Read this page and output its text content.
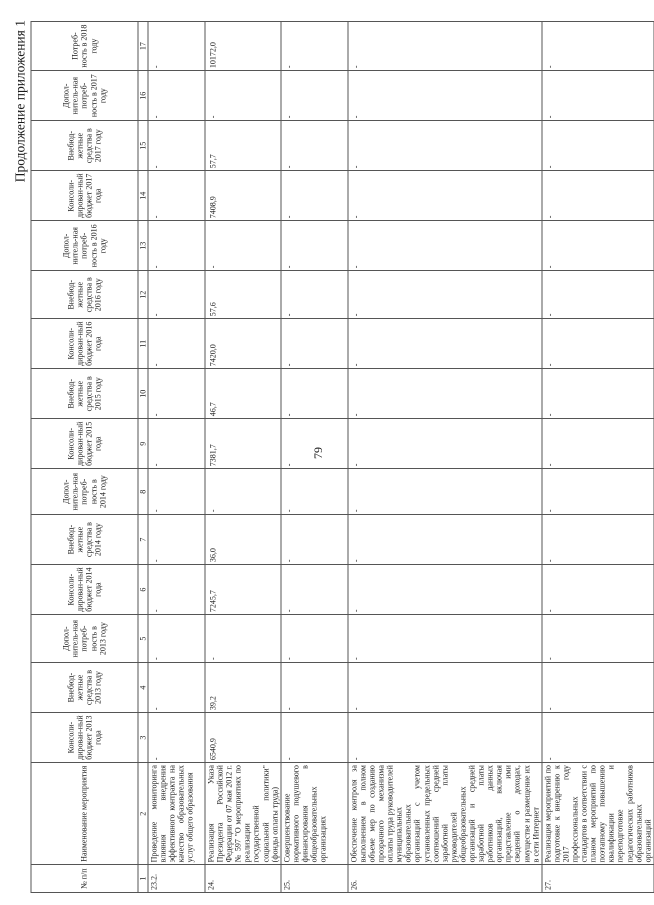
79
Продолжение приложения 1
№ п/п	Наименование мероприятия	Консоли-дирован-ный бюджет 2013 года	Внебюд-жетные средства в 2013 году	Допол-нитель-ная потреб-ность в 2013 году	Консоли-дирован-ный бюджет 2014 года	Внебюд-жетные средства в 2014 году	Допол-нитель-ная потреб-ность в 2014 году	Консоли-дирован-ный бюджет 2015 года	Внебюд-жетные средства в 2015 году	Консоли-дирован-ный бюджет 2016 года	Внебюд-жетные средства в 2016 году	Допол-нитель-ная потреб-ность в 2016 году	Консоли-дирован-ный бюджет 2017 года	Внебюд-жетные средства в 2017 году	Допол-нитель-ная потреб-ность в 2017 году	Потреб-ность в 2018 году
1	2	3	4	5	6	7	8	9	10	11	12	13	14	15	16	17
23.2.	Проведение мониторинга влияния внедрения эффективного контракта на качество образовательных услуг общего образования	-	-	-	-	-	-	-	-	-	-	-	-	-	-	-
24.	Реализация Указа Президента Российской Федерации от 07 мая 2012 г. № 597 "О мероприятиях по реализации государственной социальной политики" (фонды оплаты труда)	6540,9	39,2	-	7245,7	36,0	-	7381,7	46,7	7420,0	57,6	-	7408,9	57,7	-	10172,0
25.	Совершенствование нормативного подушевого финансирования в общеобразовательных организациях	-	-	-	-	-	-	-	-	-	-	-	-	-	-	-
26.	Обеспечение контроля за выполнением в полном объеме мер по созданию прозрачного механизма оплаты труда руководителей муниципальных образовательных организаций с учетом установленных предельных соотношений средней заработной платы руководителей общеобразовательных организаций и средней заработной платы работников данных организаций, включая представление ими сведений о доходах, имуществе и размещение их в сети Интернет	-	-	-	-	-	-	-	-	-	-	-	-	-	-	-
27.	Реализация мероприятий по подготовке к внедрению к 2017 году профессиональных стандартов в соответствии с планом мероприятий по поэтапному повышению квалификации и переподготовке педагогических работников образовательных организаций	-	-	-	-	-	-	-	-	-	-	-	-	-	-	-
